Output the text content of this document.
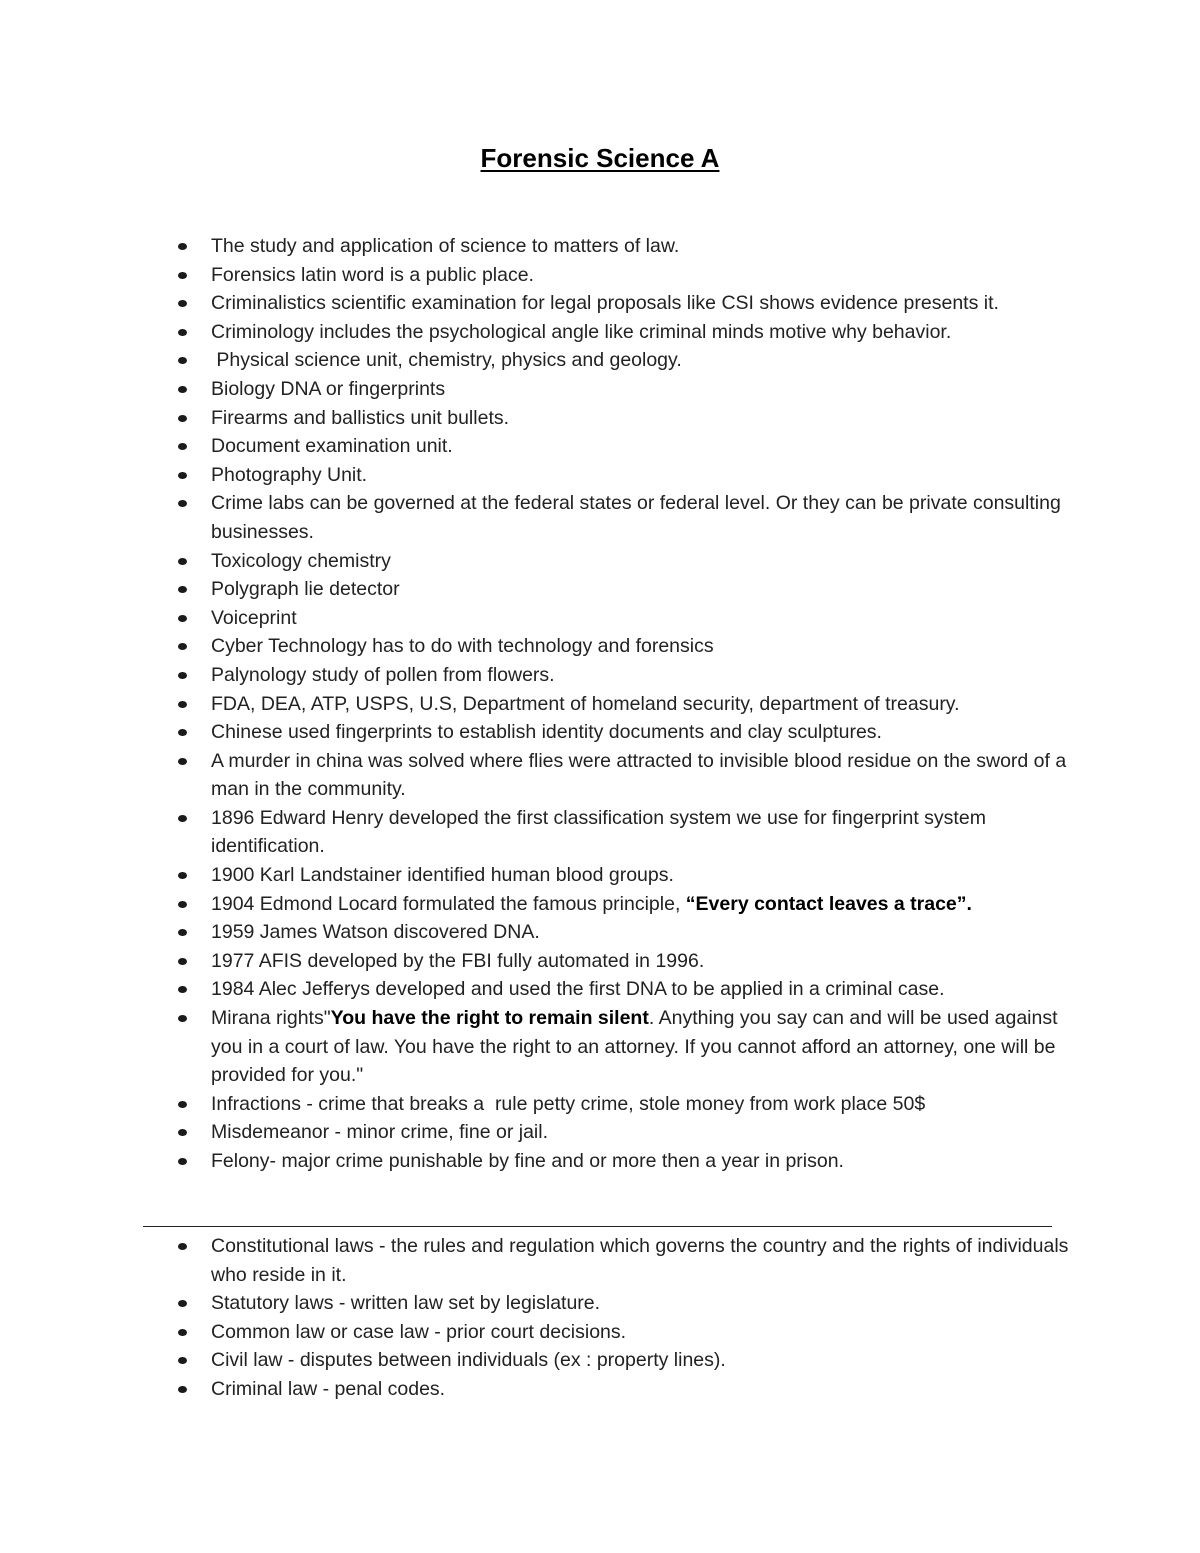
Forensic Science A
The study and application of science to matters of law.
Forensics latin word is a public place.
Criminalistics scientific examination for legal proposals like CSI shows evidence presents it.
Criminology includes the psychological angle like criminal minds motive why behavior.
Physical science unit, chemistry, physics and geology.
Biology DNA or fingerprints
Firearms and ballistics unit bullets.
Document examination unit.
Photography Unit.
Crime labs can be governed at the federal states or federal level. Or they can be private consulting businesses.
Toxicology chemistry
Polygraph lie detector
Voiceprint
Cyber Technology has to do with technology and forensics
Palynology study of pollen from flowers.
FDA, DEA, ATP, USPS, U.S, Department of homeland security, department of treasury.
Chinese used fingerprints to establish identity documents and clay sculptures.
A murder in china was solved where flies were attracted to invisible blood residue on the sword of a man in the community.
1896 Edward Henry developed the first classification system we use for fingerprint system identification.
1900 Karl Landstainer identified human blood groups.
1904 Edmond Locard formulated the famous principle, “Every contact leaves a trace”.
1959 James Watson discovered DNA.
1977 AFIS developed by the FBI fully automated in 1996.
1984 Alec Jefferys developed and used the first DNA to be applied in a criminal case.
Mirana rights"You have the right to remain silent. Anything you say can and will be used against you in a court of law. You have the right to an attorney. If you cannot afford an attorney, one will be provided for you."
Infractions - crime that breaks a  rule petty crime, stole money from work place 50$
Misdemeanor - minor crime, fine or jail.
Felony- major crime punishable by fine and or more then a year in prison.
Constitutional laws - the rules and regulation which governs the country and the rights of individuals who reside in it.
Statutory laws - written law set by legislature.
Common law or case law - prior court decisions.
Civil law - disputes between individuals (ex : property lines).
Criminal law - penal codes.
